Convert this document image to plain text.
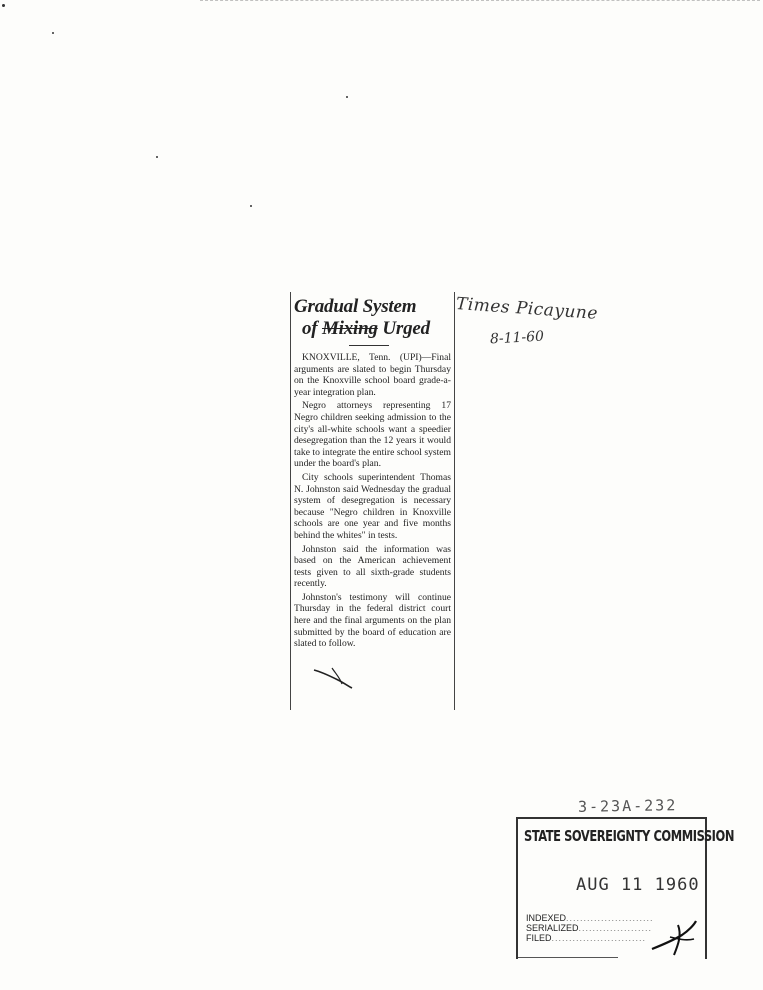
Gradual System
of Mixing Urged

KNOXVILLE, Tenn. (UPI)—Final arguments are slated to begin Thursday on the Knoxville school board grade-a-year integration plan.

Negro attorneys representing 17 Negro children seeking admission to the city's all-white schools want a speedier desegregation than the 12 years it would take to integrate the entire school system under the board's plan.

City schools superintendent Thomas N. Johnston said Wednesday the gradual system of desegregation is necessary because "Negro children in Knoxville schools are one year and five months behind the whites" in tests.

Johnston said the information was based on the American achievement tests given to all sixth-grade students recently.

Johnston's testimony will continue Thursday in the federal district court here and the final arguments on the plan submitted by the board of education are slated to follow.

Times Picayune
8-11-60
3-23A-232
STATE SOVEREIGNTY COMMISSION
AUG 11 1960
INDEXED.........................
SERIALIZED.....................
FILED...........................
